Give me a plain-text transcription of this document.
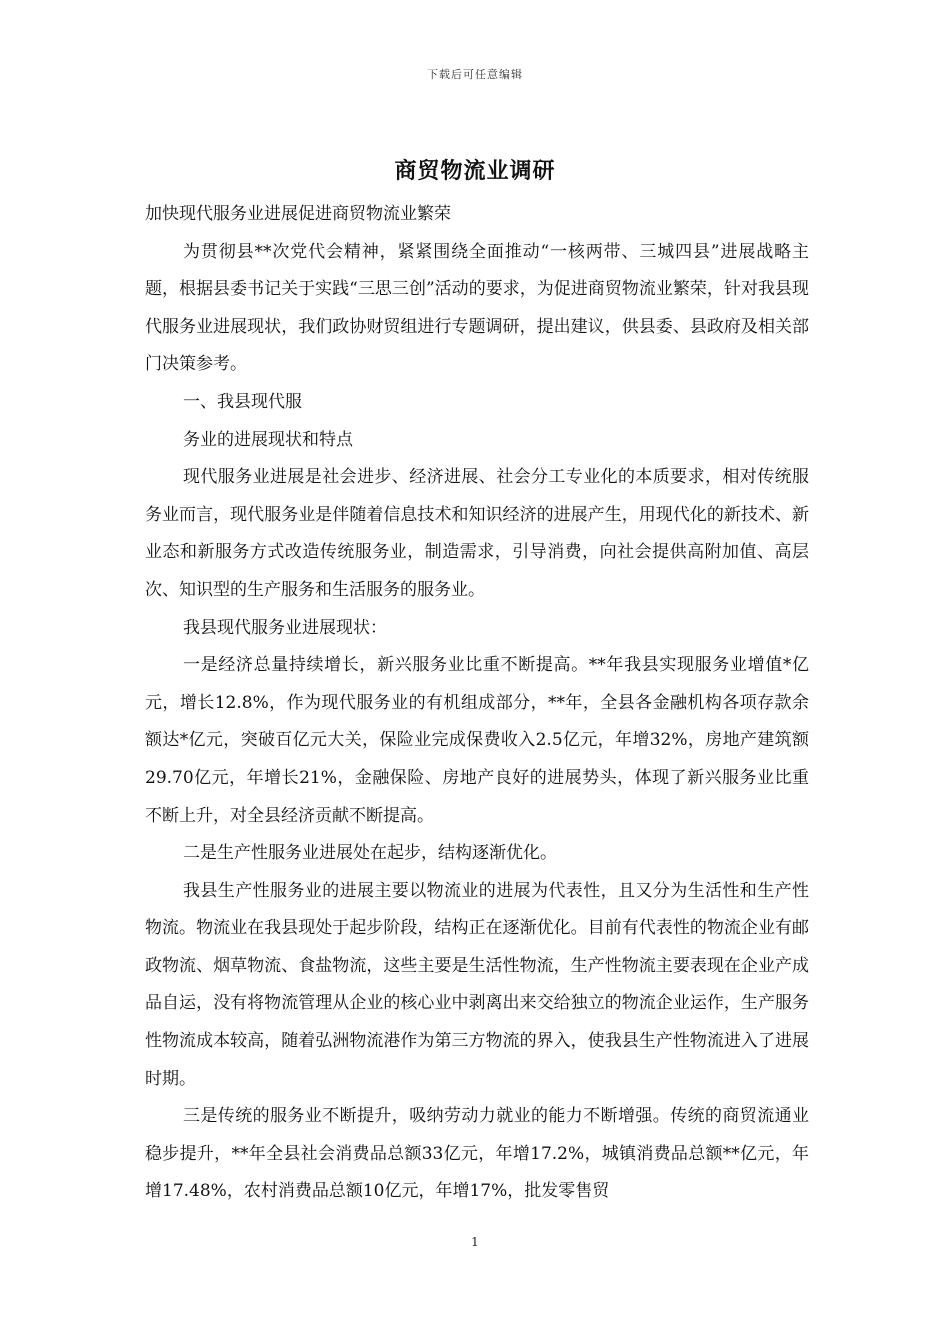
下载后可任意编辑
商贸物流业调研

加快现代服务业进展促进商贸物流业繁荣

为贯彻县**次党代会精神，紧紧围绕全面推动“一核两带、三城四县”进展战略主题，根据县委书记关于实践“三思三创”活动的要求，为促进商贸物流业繁荣，针对我县现代服务业进展现状，我们政协财贸组进行专题调研，提出建议，供县委、县政府及相关部门决策参考。

一、我县现代服

务业的进展现状和特点

现代服务业进展是社会进步、经济进展、社会分工专业化的本质要求，相对传统服务业而言，现代服务业是伴随着信息技术和知识经济的进展产生，用现代化的新技术、新业态和新服务方式改造传统服务业，制造需求，引导消费，向社会提供高附加值、高层次、知识型的生产服务和生活服务的服务业。

我县现代服务业进展现状：

一是经济总量持续增长，新兴服务业比重不断提高。**年我县实现服务业增值*亿元，增长12.8%，作为现代服务业的有机组成部分，**年，全县各金融机构各项存款余额达*亿元，突破百亿元大关，保险业完成保费收入2.5亿元，年增32%，房地产建筑额29.70亿元，年增长21%，金融保险、房地产良好的进展势头，体现了新兴服务业比重不断上升，对全县经济贡献不断提高。

二是生产性服务业进展处在起步，结构逐渐优化。

我县生产性服务业的进展主要以物流业的进展为代表性，且又分为生活性和生产性物流。物流业在我县现处于起步阶段，结构正在逐渐优化。目前有代表性的物流企业有邮政物流、烟草物流、食盐物流，这些主要是生活性物流，生产性物流主要表现在企业产成品自运，没有将物流管理从企业的核心业中剥离出来交给独立的物流企业运作，生产服务性物流成本较高，随着弘洲物流港作为第三方物流的界入，使我县生产性物流进入了进展时期。

三是传统的服务业不断提升，吸纳劳动力就业的能力不断增强。传统的商贸流通业稳步提升，**年全县社会消费品总额33亿元，年增17.2%，城镇消费品总额**亿元，年增17.48%，农村消费品总额10亿元，年增17%，批发零售贸

1
